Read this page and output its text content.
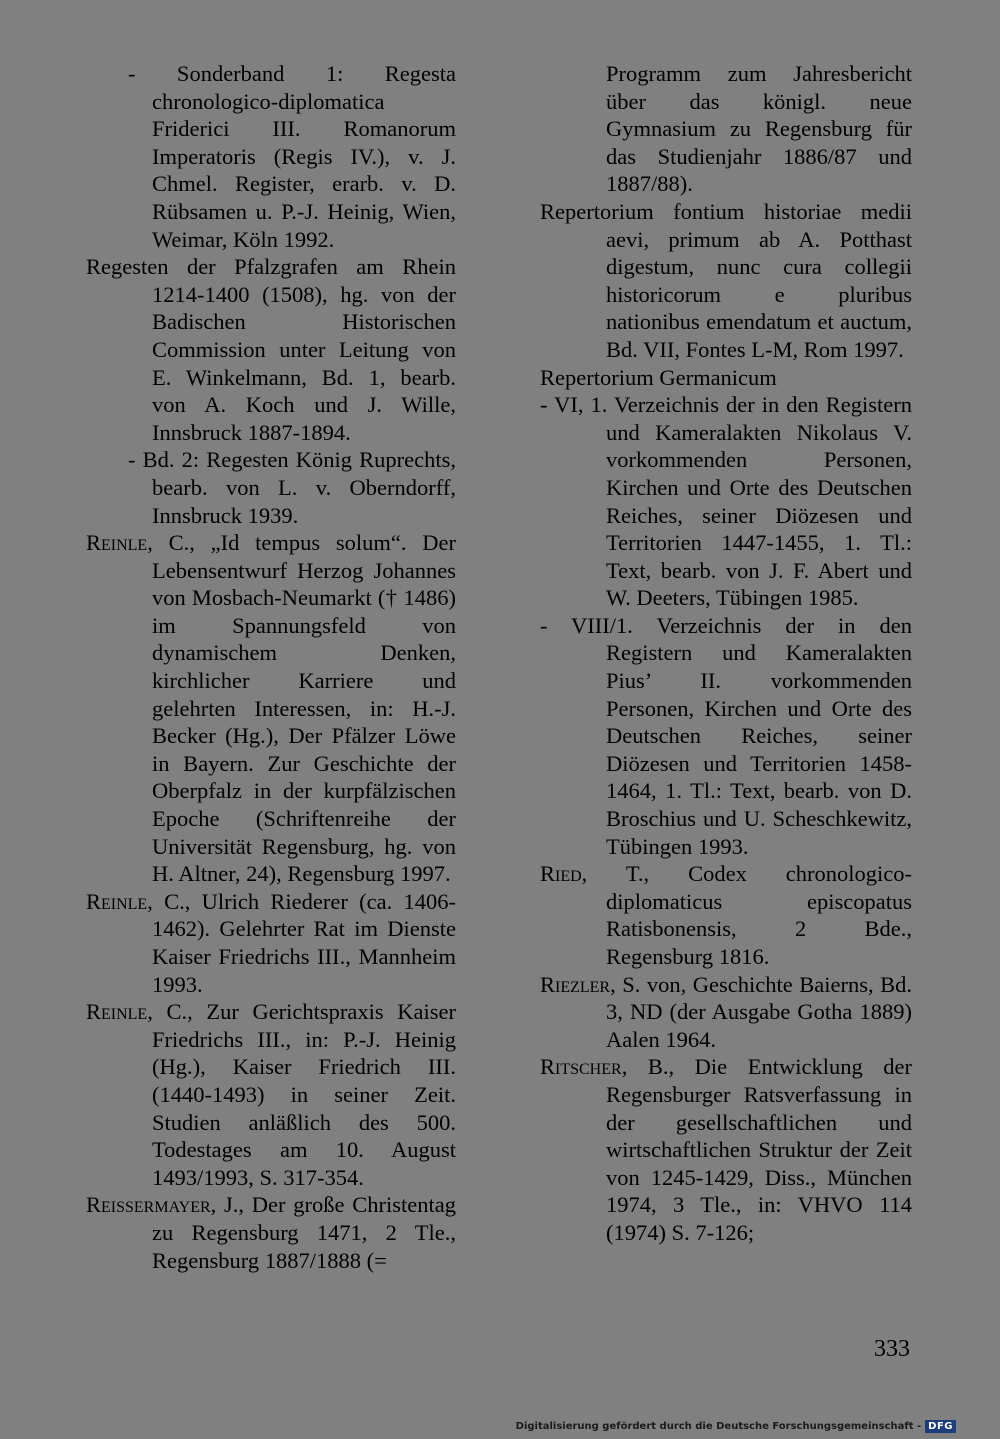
- Sonderband 1: Regesta chronologico-diplomatica Friderici III. Romanorum Imperatoris (Regis IV.), v. J. Chmel. Register, erarb. v. D. Rübsamen u. P.-J. Heinig, Wien, Weimar, Köln 1992.

Regesten der Pfalzgrafen am Rhein 1214-1400 (1508), hg. von der Badischen Historischen Commission unter Leitung von E. Winkelmann, Bd. 1, bearb. von A. Koch und J. Wille, Innsbruck 1887-1894.

- Bd. 2: Regesten König Ruprechts, bearb. von L. v. Oberndorff, Innsbruck 1939.

Reinle, C., „Id tempus solum“. Der Lebensentwurf Herzog Johannes von Mosbach-Neumarkt († 1486) im Spannungsfeld von dynamischem Denken, kirchlicher Karriere und gelehrten Interessen, in: H.-J. Becker (Hg.), Der Pfälzer Löwe in Bayern. Zur Geschichte der Oberpfalz in der kurpfälzischen Epoche (Schriftenreihe der Universität Regensburg, hg. von H. Altner, 24), Regensburg 1997.

Reinle, C., Ulrich Riederer (ca. 1406-1462). Gelehrter Rat im Dienste Kaiser Friedrichs III., Mannheim 1993.

Reinle, C., Zur Gerichtspraxis Kaiser Friedrichs III., in: P.-J. Heinig (Hg.), Kaiser Friedrich III. (1440-1493) in seiner Zeit. Studien anläßlich des 500. Todestages am 10. August 1493/1993, S. 317-354.

Reissermayer, J., Der große Christentag zu Regensburg 1471, 2 Tle., Regensburg 1887/1888 (=

Programm zum Jahresbericht über das königl. neue Gymnasium zu Regensburg für das Studienjahr 1886/87 und 1887/88).

Repertorium fontium historiae medii aevi, primum ab A. Potthast digestum, nunc cura collegii historicorum e pluribus nationibus emendatum et auctum, Bd. VII, Fontes L-M, Rom 1997.

Repertorium Germanicum

- VI, 1. Verzeichnis der in den Registern und Kameralakten Nikolaus V. vorkommenden Personen, Kirchen und Orte des Deutschen Reiches, seiner Diözesen und Territorien 1447-1455, 1. Tl.: Text, bearb. von J. F. Abert und W. Deeters, Tübingen 1985.

- VIII/1. Verzeichnis der in den Registern und Kameralakten Pius’ II. vorkommenden Personen, Kirchen und Orte des Deutschen Reiches, seiner Diözesen und Territorien 1458-1464, 1. Tl.: Text, bearb. von D. Broschius und U. Scheschkewitz, Tübingen 1993.

Ried, T., Codex chronologico-diplomaticus episcopatus Ratisbonensis, 2 Bde., Regensburg 1816.

Riezler, S. von, Geschichte Baierns, Bd. 3, ND (der Ausgabe Gotha 1889) Aalen 1964.

Ritscher, B., Die Entwicklung der Regensburger Ratsverfassung in der gesellschaftlichen und wirtschaftlichen Struktur der Zeit von 1245-1429, Diss., München 1974, 3 Tle., in: VHVO 114 (1974) S. 7-126;

333
Digitalisierung gefördert durch die Deutsche Forschungsgemeinschaft - DFG
